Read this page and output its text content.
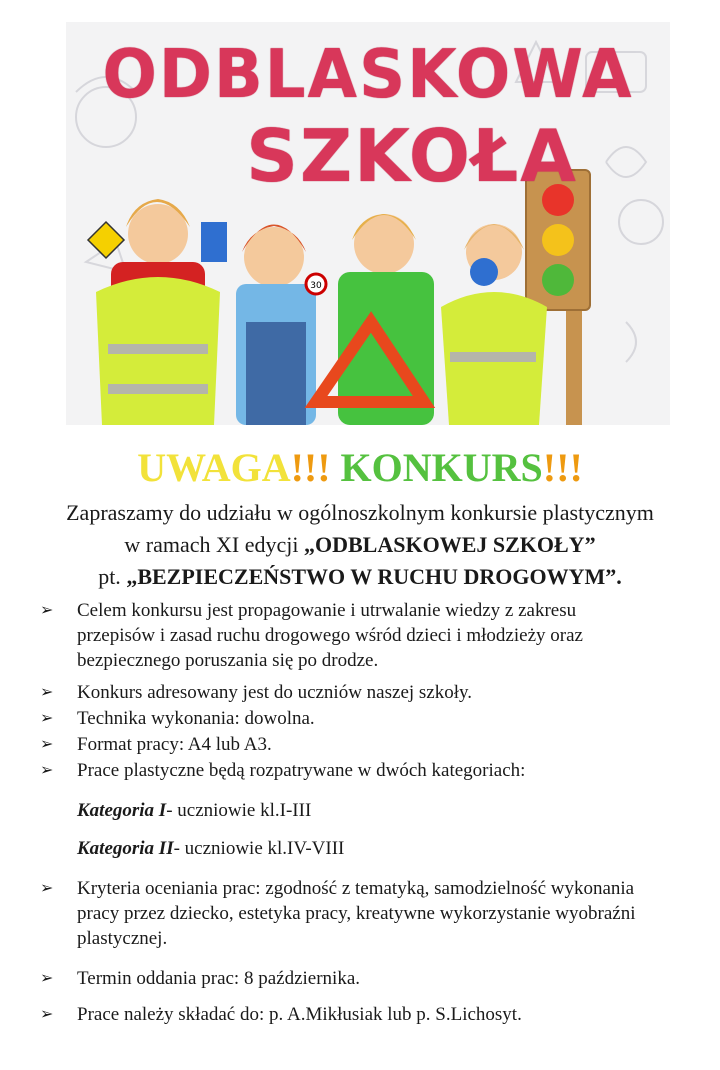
30
ODBLASKOWA
SZKOŁA
UWAGA!!! KONKURS!!!
Zapraszamy do udziału w ogólnoszkolnym konkursie plastycznym
w ramach XI edycji „ODBLASKOWEJ SZKOŁY”
pt. „BEZPIECZEŃSTWO W RUCHU DROGOWYM”.
➢ Celem konkursu jest propagowanie i utrwalanie wiedzy z zakresu przepisów i zasad ruchu drogowego wśród dzieci i młodzieży oraz bezpiecznego poruszania się po drodze.
➢ Konkurs adresowany jest do uczniów naszej szkoły.
➢ Technika wykonania: dowolna.
➢ Format pracy: A4 lub A3.
➢ Prace plastyczne będą rozpatrywane w dwóch kategoriach:
Kategoria I- uczniowie kl.I-III
Kategoria II- uczniowie kl.IV-VIII
➢ Kryteria oceniania prac: zgodność z tematyką, samodzielność wykonania pracy przez dziecko, estetyka pracy, kreatywne wykorzystanie wyobraźni plastycznej.
➢ Termin oddania prac: 8 października.
➢ Prace należy składać do: p. A.Mikłusiak lub p. S.Lichosyt.
